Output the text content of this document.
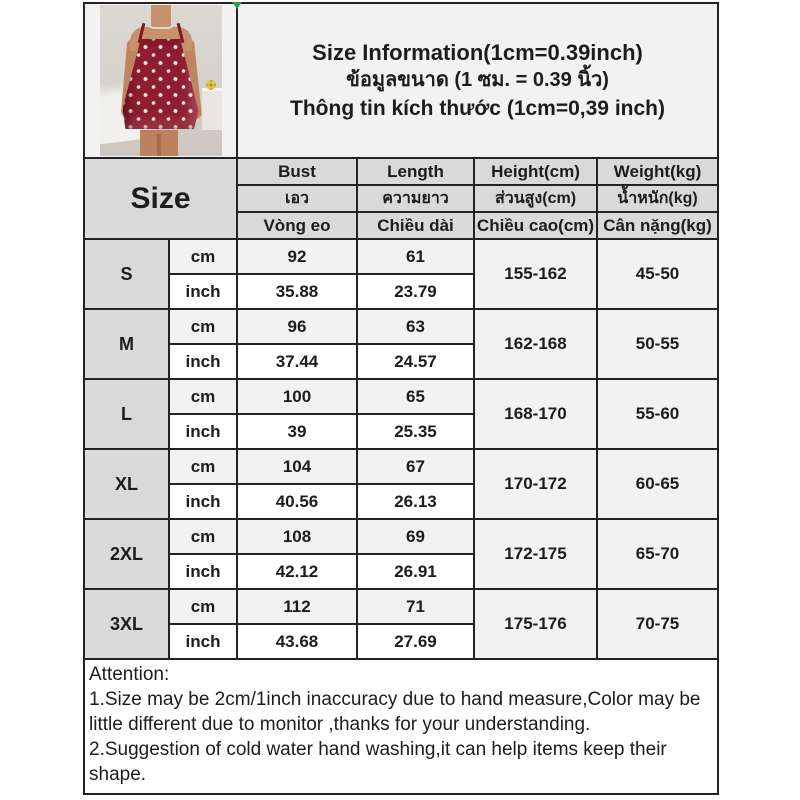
		Size Information(1cm=0.39inch)
ข้อมูลขนาด (1 ซม. = 0.39 นิ้ว)
Thông tin kích thước (1cm=0,39 inch)			

Size		Bust	Length	Height(cm)	Weight(kg)
		เอว	ความยาว	ส่วนสูง(cm)	น้ำหนัก(kg)
		Vòng eo	Chiều dài	Chiều cao(cm)	Cân nặng(kg)
S	cm	92	61	155-162	45-50
	inch	35.88	23.79		
M	cm	96	63	162-168	50-55
	inch	37.44	24.57		
L	cm	100	65	168-170	55-60
	inch	39	25.35		
XL	cm	104	67	170-172	60-65
	inch	40.56	26.13		
2XL	cm	108	69	172-175	65-70
	inch	42.12	26.91		
3XL	cm	112	71	175-176	70-75
	inch	43.68	27.69		

Attention:
1.Size may be 2cm/1inch inaccuracy due to hand measure,Color may be little different due to monitor ,thanks for your understanding.
2.Suggestion of cold water hand washing,it can help items keep their shape.					
